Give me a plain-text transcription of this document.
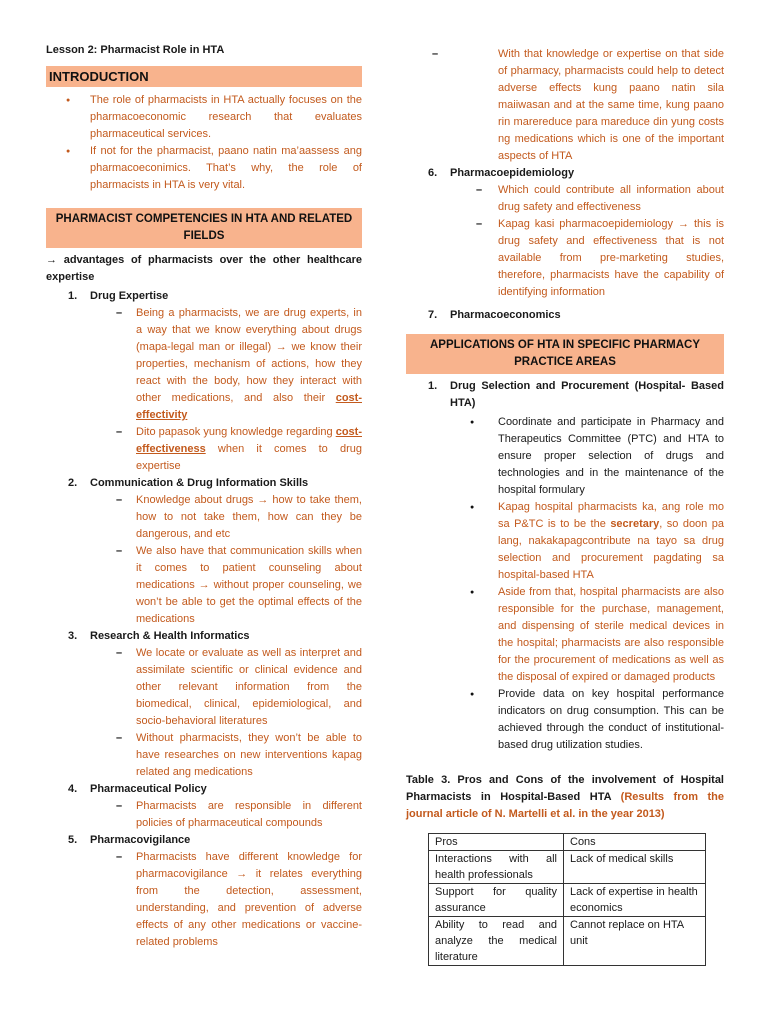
Lesson 2: Pharmacist Role in HTA
INTRODUCTION
● The role of pharmacists in HTA actually focuses on the pharmacoeconomic research that evaluates pharmaceutical services.
● If not for the pharmacist, paano natin ma’aassess ang pharmacoeconimics. That’s why, the role of pharmacists in HTA is very vital.
PHARMACIST COMPETENCIES IN HTA AND RELATED FIELDS
→ advantages of pharmacists over the other healthcare expertise
1. Drug Expertise
– Being a pharmacists, we are drug experts, in a way that we know everything about drugs (mapa-legal man or illegal) → we know their properties, mechanism of actions, how they react with the body, how they interact with other medications, and also their cost-effectivity
– Dito papasok yung knowledge regarding cost-effectiveness when it comes to drug expertise
2. Communication & Drug Information Skills
– Knowledge about drugs → how to take them, how to not take them, how can they be dangerous, and etc
– We also have that communication skills when it comes to patient counseling about medications → without proper counseling, we won’t be able to get the optimal effects of the medications
3. Research & Health Informatics
– We locate or evaluate as well as interpret and assimilate scientific or clinical evidence and other relevant information from the biomedical, clinical, epidemiological, and socio-behavioral literatures
– Without pharmacists, they won’t be able to have researches on new interventions kapag related ang medications
4. Pharmaceutical Policy
– Pharmacists are responsible in different policies of pharmaceutical compounds
5. Pharmacovigilance
– Pharmacists have different knowledge for pharmacovigilance → it relates everything from the detection, assessment, understanding, and prevention of adverse effects of any other medications or vaccine-related problems
– With that knowledge or expertise on that side of pharmacy, pharmacists could help to detect adverse effects kung paano natin sila maiiwasan and at the same time, kung paano rin marereduce para mareduce din yung costs ng medications which is one of the important aspects of HTA
6. Pharmacoepidemiology
– Which could contribute all information about drug safety and effectiveness
– Kapag kasi pharmacoepidemiology → this is drug safety and effectiveness that is not available from pre-marketing studies, therefore, pharmacists have the capability of identifying information
7. Pharmacoeconomics
APPLICATIONS OF HTA IN SPECIFIC PHARMACY PRACTICE AREAS
1. Drug Selection and Procurement (Hospital- Based HTA)
● Coordinate and participate in Pharmacy and Therapeutics Committee (PTC) and HTA to ensure proper selection of drugs and technologies and in the maintenance of the hospital formulary
● Kapag hospital pharmacists ka, ang role mo sa P&TC is to be the secretary, so doon pa lang, nakakapagcontribute na tayo sa drug selection and procurement pagdating sa hospital-based HTA
● Aside from that, hospital pharmacists are also responsible for the purchase, management, and dispensing of sterile medical devices in the hospital; pharmacists are also responsible for the procurement of medications as well as the disposal of expired or damaged products
● Provide data on key hospital performance indicators on drug consumption. This can be achieved through the conduct of institutional- based drug utilization studies.
Table 3. Pros and Cons of the involvement of Hospital Pharmacists in Hospital-Based HTA (Results from the journal article of N. Martelli et al. in the year 2013)
Pros	Cons
Interactions with all health professionals	Lack of medical skills
Support for quality assurance	Lack of expertise in health economics
Ability to read and analyze the medical literature	Cannot replace on HTA unit
